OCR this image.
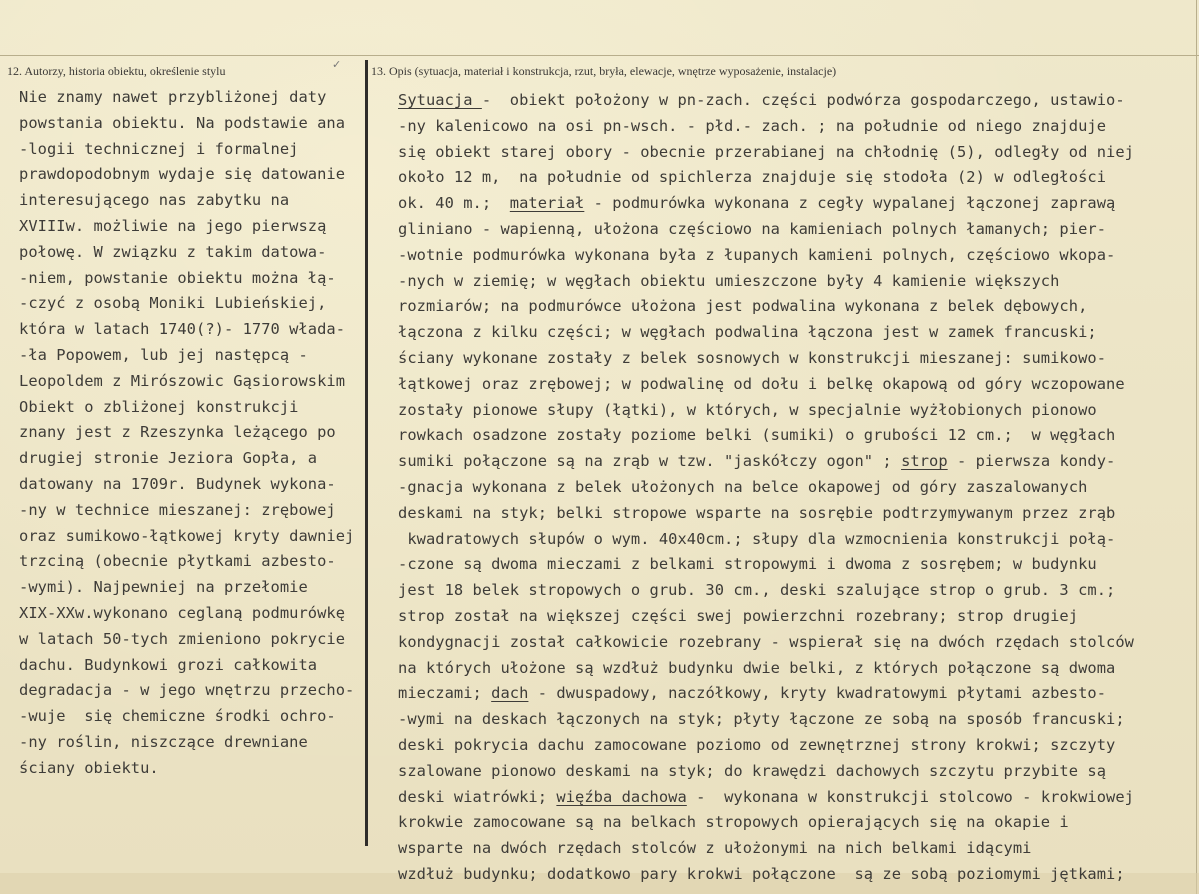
12. Autorzy, historia obiektu, określenie stylu	13. Opis (sytuacja, materiał i konstrukcja, rzut, bryła, elewacje, wnętrze wyposażenie, instalacje)
✓
Nie znamy nawet przybliżonej daty
powstania obiektu. Na podstawie ana
-logii technicznej i formalnej
prawdopodobnym wydaje się datowanie
interesującego nas zabytku na
XVIIIw. możliwie na jego pierwszą
połowę. W związku z takim datowa-
-niem, powstanie obiektu można łą-
-czyć z osobą Moniki Lubieńskiej,
która w latach 1740(?)- 1770 włada-
-ła Popowem, lub jej następcą -
Leopoldem z Mirószowic Gąsiorowskim
Obiekt o zbliżonej konstrukcji
znany jest z Rzeszynka leżącego po
drugiej stronie Jeziora Gopła, a
datowany na 1709r. Budynek wykona-
-ny w technice mieszanej: zrębowej
oraz sumikowo-łątkowej kryty dawniej
trzciną (obecnie płytkami azbesto-
-wymi). Najpewniej na przełomie
XIX-XXw.wykonano ceglaną podmurówkę
w latach 50-tych zmieniono pokrycie
dachu. Budynkowi grozi całkowita
degradacja - w jego wnętrzu przecho-
-wuje  się chemiczne środki ochro-
-ny roślin, niszczące drewniane
ściany obiektu.
Sytuacja -  obiekt położony w pn-zach. części podwórza gospodarczego, ustawio-
-ny kalenicowo na osi pn-wsch. - płd.- zach. ; na południe od niego znajduje
się obiekt starej obory - obecnie przerabianej na chłodnię (5), odległy od niej
około 12 m,  na południe od spichlerza znajduje się stodoła (2) w odległości
ok. 40 m.;  materiał - podmurówka wykonana z cegły wypalanej łączonej zaprawą
gliniano - wapienną, ułożona częściowo na kamieniach polnych łamanych; pier-
-wotnie podmurówka wykonana była z łupanych kamieni polnych, częściowo wkopa-
-nych w ziemię; w węgłach obiektu umieszczone były 4 kamienie większych
rozmiarów; na podmurówce ułożona jest podwalina wykonana z belek dębowych,
łączona z kilku części; w węgłach podwalina łączona jest w zamek francuski;
ściany wykonane zostały z belek sosnowych w konstrukcji mieszanej: sumikowo-
łątkowej oraz zrębowej; w podwalinę od dołu i belkę okapową od góry wczopowane
zostały pionowe słupy (łątki), w których, w specjalnie wyżłobionych pionowo
rowkach osadzone zostały poziome belki (sumiki) o grubości 12 cm.;  w węgłach
sumiki połączone są na zrąb w tzw. "jaskółczy ogon" ; strop - pierwsza kondy-
-gnacja wykonana z belek ułożonych na belce okapowej od góry zaszalowanych
deskami na styk; belki stropowe wsparte na sosrębie podtrzymywanym przez zrąb
kwadratowych słupów o wym. 40x40cm.; słupy dla wzmocnienia konstrukcji połą-
-czone są dwoma mieczami z belkami stropowymi i dwoma z sosrębem; w budynku
jest 18 belek stropowych o grub. 30 cm., deski szalujące strop o grub. 3 cm.;
strop został na większej części swej powierzchni rozebrany; strop drugiej
kondygnacji został całkowicie rozebrany - wspierał się na dwóch rzędach stolców
na których ułożone są wzdłuż budynku dwie belki, z których połączone są dwoma
mieczami; dach - dwuspadowy, naczółkowy, kryty kwadratowymi płytami azbesto-
-wymi na deskach łączonych na styk; płyty łączone ze sobą na sposób francuski;
deski pokrycia dachu zamocowane poziomo od zewnętrznej strony krokwi; szczyty
szalowane pionowo deskami na styk; do krawędzi dachowych szczytu przybite są
deski wiatrówki; więźba dachowa -  wykonana w konstrukcji stolcowo - krokwiowej
krokwie zamocowane są na belkach stropowych opierających się na okapie i
wsparte na dwóch rzędach stolców z ułożonymi na nich belkami idącymi
wzdłuż budynku; dodatkowo pary krokwi połączone  są ze sobą poziomymi jętkami;
